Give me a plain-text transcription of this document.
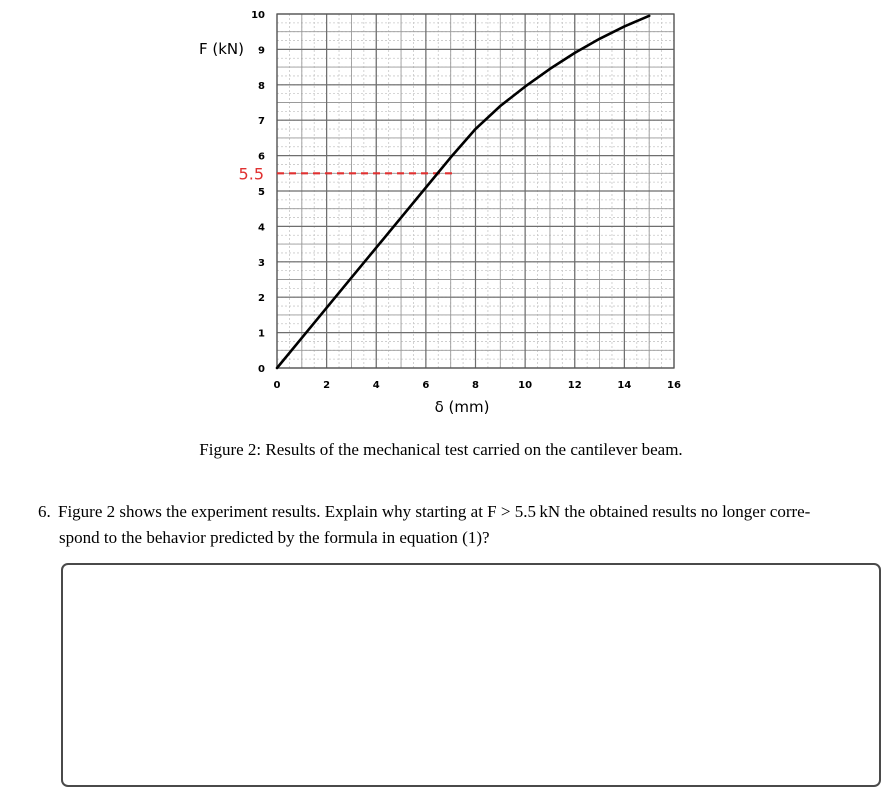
5.5
0
1
2
3
4
5
6
7
8
9
10
0	2	4	6	8	10	12	14	16
F (kN)
δ (mm)
Figure 2: Results of the mechanical test carried on the cantilever beam.
6. Figure 2 shows the experiment results. Explain why starting at F > 5.5 kN the obtained results no longer corre-
spond to the behavior predicted by the formula in equation (1)?
